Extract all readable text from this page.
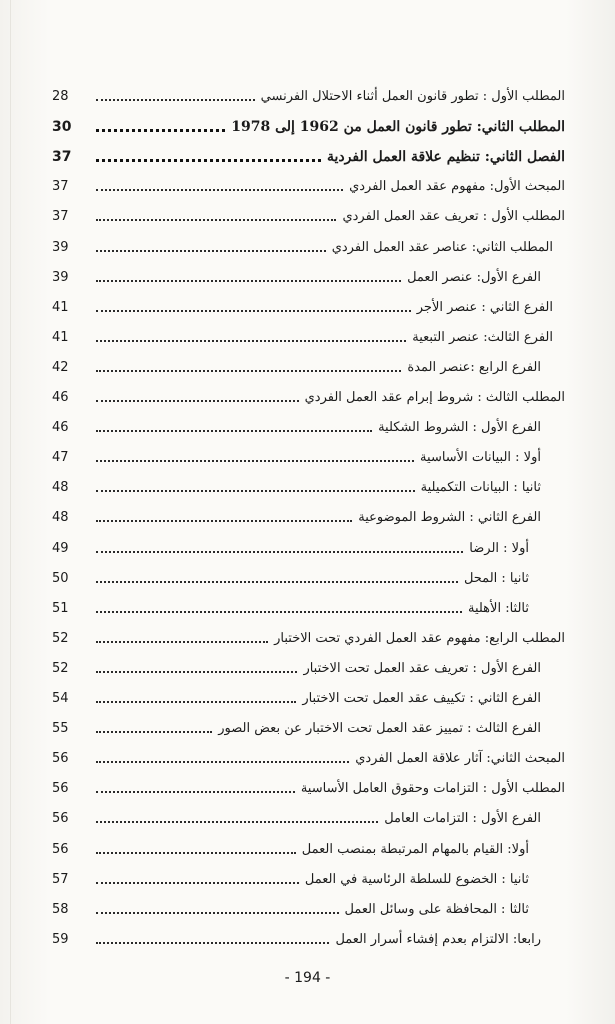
المطلب الأول : تطور قانون العمل أثناء الاحتلال الفرنسي
28
المطلب الثاني: تطور قانون العمل من 1962 إلى 1978
30
الفصل الثاني: تنظيم علاقة العمل الفردية
37
المبحث الأول: مفهوم عقد العمل الفردي
37
المطلب الأول : تعريف عقد العمل الفردي
37
المطلب الثاني: عناصر عقد العمل الفردي
39
الفرع الأول: عنصر العمل
39
الفرع الثاني : عنصر الأجر
41
الفرع الثالث: عنصر التبعية
41
الفرع الرابع :عنصر المدة
42
المطلب الثالث : شروط إبرام عقد العمل الفردي
46
الفرع الأول : الشروط الشكلية
46
أولا : البيانات الأساسية
47
ثانيا : البيانات التكميلية
48
الفرع الثاني : الشروط الموضوعية
48
أولا : الرضا
49
ثانيا : المحل
50
ثالثا: الأهلية
51
المطلب الرابع: مفهوم عقد العمل الفردي تحت الاختبار
52
الفرع الأول : تعريف عقد العمل تحت الاختبار
52
الفرع الثاني : تكييف عقد العمل تحت الاختبار
54
الفرع الثالث : تمييز عقد العمل تحت الاختبار عن بعض الصور
55
المبحث الثاني: آثار علاقة العمل الفردي
56
المطلب الأول : التزامات وحقوق العامل الأساسية
56
الفرع الأول : التزامات العامل
56
أولا: القيام بالمهام المرتبطة بمنصب العمل
56
ثانيا : الخضوع للسلطة الرئاسية في العمل
57
ثالثا : المحافظة على وسائل العمل
58
رابعا: الالتزام بعدم إفشاء أسرار العمل
59
- 194 -
